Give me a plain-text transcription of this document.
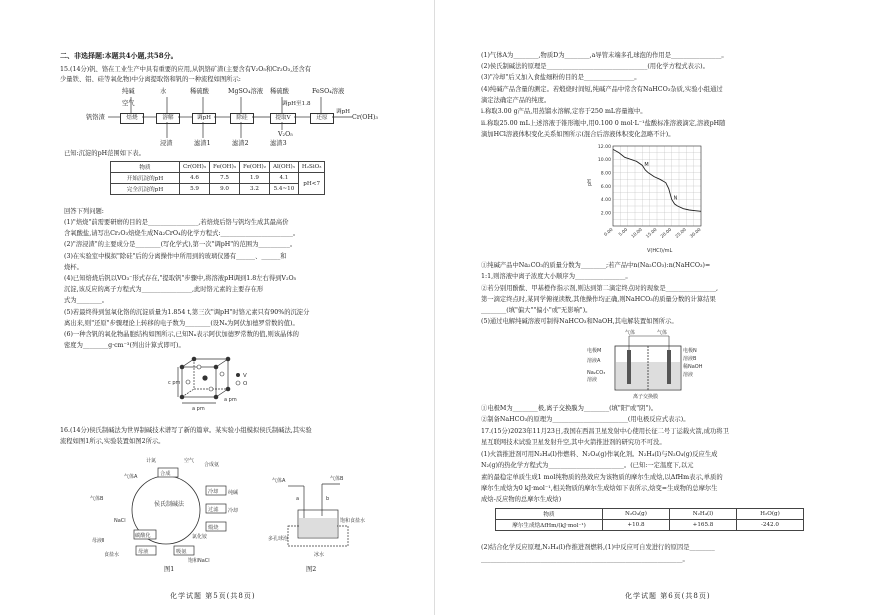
二、非选择题:本题共4小题,共58分。
15.(14分)钒、铬在工业生产中具有重要的应用,从钒铬矿渣(主要含有V₂O₅和Cr₂O₃,还含有
少量铁、铝、硅等氧化物)中分离提取铬和钒的一种流程如图所示:
纯碱	水	稀硫酸	MgSO₄溶液 稀硫酸	FeSO₄溶液
空气	调pH至1.8
钒铬渣	焙烧	溶解	调pH	除硅	提取V	还原
调pH
Cr(OH)₃
浸渣	滤渣1	滤渣2	滤渣3
V₂O₅
已知:沉淀的pH范围如下表。
物质	Cr(OH)₃	Fe(OH)₃	Fe(OH)₂	Al(OH)₃	H₂SiO₃
开始沉淀的pH	4.6	7.5	1.9	4.1	pH<7
完全沉淀的pH	5.9	9.0	3.2	5.4~10	
回答下列问题:
(1)"焙烧"前需要研磨的目的是________________,若焙烧后铬与钒均生成其最高价
含氧酸盐,请写出Cr₂O₃焙烧生成Na₂CrO₄的化学方程式:_______________________。
(2)"溶浸渣"的主要成分是________(写化学式),第一次"调pH"的范围为__________。
(3)在实验室中模拟"除硅"后的分离操作中所用到的玻璃仪器有______、______和
烧杯。
(4)已知焙烧后钒以VO₃⁻形式存在,"提取钒"步骤中,将溶液pH调到1.8左右得到V₂O₅
沉淀,该反应的离子方程式为________________,此时铬元素的主要存在形
式为________。
(5)若最终得到氢氧化铬的沉淀质量为1.854 t,第三次"调pH"时铬元素只有90%的沉淀分
离出来,则"还原"步骤理论上转移的电子数为________(设Nₐ为阿伏加德罗常数的值)。
(6)一种含钒的氧化物晶胞结构如图所示,已知Nₐ表示阿伏加德罗常数的值,则该晶体的
密度为________g·cm⁻³(列出计算式即可)。
V
O
c pm
a pm
a pm
16.(14分)侯氏制碱法为世界制碱技术谱写了新的篇章。某实验小组模拟侯氏制碱法,其实验
流程如图1所示,实验装置如图2所示。
侯氏制碱法
合成
冷却
过滤
煅烧
吸氨
碳酸化
母液
计氮
气体A
空气
气体B
合成氨
纯碱
母液Ⅱ
NaCl
氯化铵
饱和NaCl
冷却
食盐水
图1
气体A	气体B
a	b
多孔球泡
冰水
饱和食盐水
图2
化学试题 第5页(共8页)
(1)气体A为________,物质D为________,a导管末端多孔球泡的作用是________________。
(2)侯氏制碱法的原理是________________________________(用化学方程式表示)。
(3)"冷却"后又加入食盐细粉的目的是________________。
(4)纯碱产品含量的测定。若煅烧时间短,纯碱产品中常含有NaHCO₃杂质,实验小组通过
滴定法确定产品的纯度。
i.称取3.00 g产品,用蒸馏水溶解,定容于250 mL容量瓶中。
ii.称取25.00 mL上述溶液于锥形瓶中,用0.100 0 mol·L⁻¹盐酸标准溶液滴定,溶液pH随
滴加HCl溶液体积变化关系如图所示(混合后溶液体积变化忽略不计)。
12.00
10.00
8.00
6.00
4.00
2.00
0.00 5.00 10.00 15.00 20.00 25.00 30.00
pH
V(HCl)/mL
M
N
①纯碱产品中Na₂CO₃的质量分数为________;若产品中n(Na₂CO₃):n(NaHCO₃)=
1:1,则溶液中离子浓度大小顺序为________________。
②若分别用酚酞、甲基橙作指示剂,则达到第二滴定终点时的现象是________________,
第一滴定终点时,某同学俯视读数,其他操作均正确,则NaHCO₃的质量分数的计算结果
________(填"偏大""偏小"或"无影响")。
(5)通过电解纯碱溶液可制得NaHCO₃和NaOH,其电解装置如图所示。
气体	气体
电极M	电极N
溶液A
稀NaOH
Na₂CO₃
溶液
溶液B
溶液
离子交换膜
①电极M为________极,离子交换膜为________(填"阳"或"阴")。
②制备NaHCO₃的原理为________________________(用电极反应式表示)。
17.(15分)2023年11月23日,我国在西昌卫星发射中心使用长征二号丁运载火箭,成功将卫
星互联网技术试验卫星发射升空,其中火箭推进剂的研究功不可没。
(1)火箭推进剂可用N₂H₄(l)作燃料、N₂O₄(g)作氧化剂。N₂H₄(l)与N₂O₄(g)反应生成
N₂(g)的热化学方程式为________________________。(已知:一定温度下,以元
素的最稳定单质生成1 mol纯物质的热效应为该物质的摩尔生成焓,以ΔfHm表示,单质的
摩尔生成焓为0 kJ·mol⁻¹,相关物质的摩尔生成焓如下表所示,焓变=生成物的总摩尔生
成焓-反应物的总摩尔生成焓)
物质	N₂O₄(g)	N₂H₄(l)	H₂O(g)
摩尔生成焓ΔfHm/(kJ·mol⁻¹)	+10.8	+165.8	-242.0
(2)结合化学反应原理,N₂H₄(l)作推进剂燃料,(1)中反应可自发进行的原因是________
________________________________________________________________。
化学试题 第6页(共8页)
